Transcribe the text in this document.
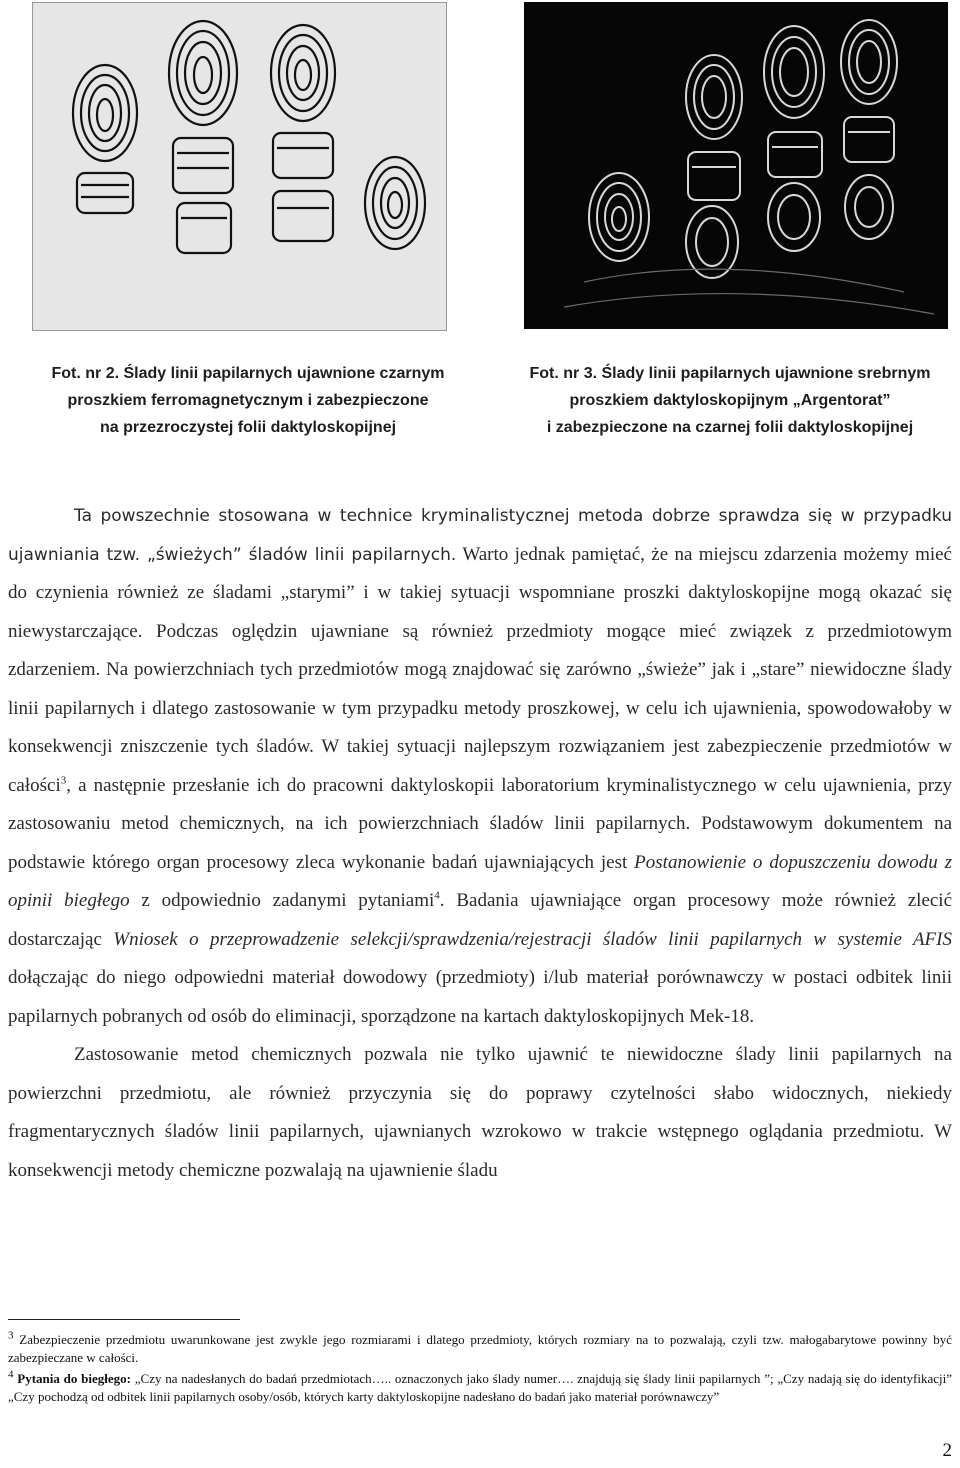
Fot. nr 2. Ślady linii papilarnych ujawnione czarnym
proszkiem ferromagnetycznym i zabezpieczone
na przezroczystej folii daktyloskopijnej
Fot. nr 3. Ślady linii papilarnych ujawnione srebrnym
proszkiem daktyloskopijnym „Argentorat”
i zabezpieczone na czarnej folii daktyloskopijnej

Ta powszechnie stosowana w technice kryminalistycznej metoda dobrze sprawdza się w przypadku ujawniania tzw. „świeżych” śladów linii papilarnych. Warto jednak pamiętać, że na miejscu zdarzenia możemy mieć do czynienia również ze śladami „starymi” i w takiej sytuacji wspomniane proszki daktyloskopijne mogą okazać się niewystarczające. Podczas oględzin ujawniane są również przedmioty mogące mieć związek z przedmiotowym zdarzeniem. Na powierzchniach tych przedmiotów mogą znajdować się zarówno „świeże” jak i „stare” niewidoczne ślady linii papilarnych i dlatego zastosowanie w tym przypadku metody proszkowej, w celu ich ujawnienia, spowodowałoby w konsekwencji zniszczenie tych śladów. W takiej sytuacji najlepszym rozwiązaniem jest zabezpieczenie przedmiotów w całości$^3$, a następnie przesłanie ich do pracowni daktyloskopii laboratorium kryminalistycznego w celu ujawnienia, przy zastosowaniu metod chemicznych, na ich powierzchniach śladów linii papilarnych. Podstawowym dokumentem na podstawie którego organ procesowy zleca wykonanie badań ujawniających jest Postanowienie o dopuszczeniu dowodu z opinii biegłego z odpowiednio zadanymi pytaniami$^4$. Badania ujawniające organ procesowy może również zlecić dostarczając Wniosek o przeprowadzenie selekcji/sprawdzenia/rejestracji śladów linii papilarnych w systemie AFIS dołączając do niego odpowiedni materiał dowodowy (przedmioty) i/lub materiał porównawczy w postaci odbitek linii papilarnych pobranych od osób do eliminacji, sporządzone na kartach daktyloskopijnych Mek-18.

Zastosowanie metod chemicznych pozwala nie tylko ujawnić te niewidoczne ślady linii papilarnych na powierzchni przedmiotu, ale również przyczynia się do poprawy czytelności słabo widocznych, niekiedy fragmentarycznych śladów linii papilarnych, ujawnianych wzrokowo w trakcie wstępnego oglądania przedmiotu. W konsekwencji metody chemiczne pozwalają na ujawnienie śladu

$^3$ Zabezpieczenie przedmiotu uwarunkowane jest zwykle jego rozmiarami i dlatego przedmioty, których rozmiary na to pozwalają, czyli tzw. małogabarytowe powinny być zabezpieczane w całości.

$^4$ Pytania do biegłego: „Czy na nadesłanych do badań przedmiotach….. oznaczonych jako ślady numer…. znajdują się ślady linii papilarnych ”; „Czy nadają się do identyfikacji” „Czy pochodzą od odbitek linii papilarnych osoby/osób, których karty daktyloskopijne nadesłano do badań jako materiał porównawczy”

2
